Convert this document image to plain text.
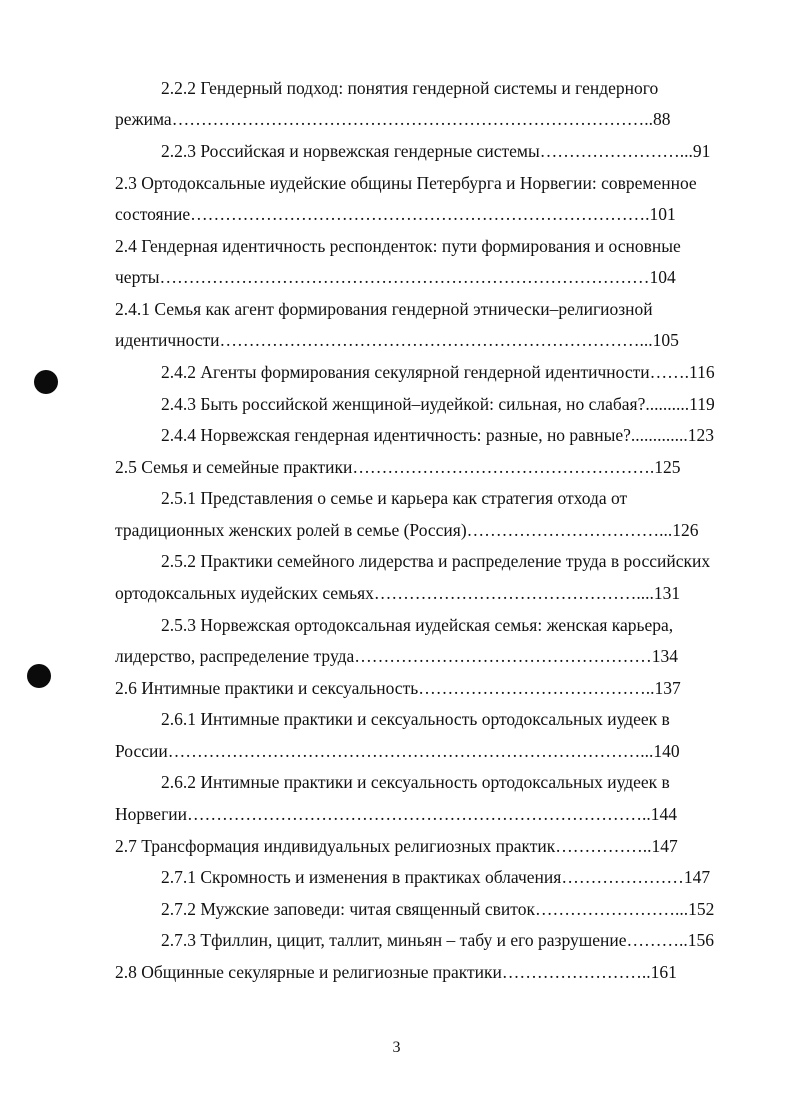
2.2.2 Гендерный подход: понятия гендерной системы и гендерного
режима………………………………………………………………………..88
2.2.3 Российская и норвежская гендерные системы……………………...91
2.3 Ортодоксальные иудейские общины Петербурга и Норвегии: современное
состояние…………………………………………………………………….101
2.4 Гендерная идентичность респонденток: пути формирования и основные
черты…………………………………………………………………………104
2.4.1 Семья как агент формирования гендерной этнически–религиозной
идентичности………………………………………………………………...105
2.4.2 Агенты формирования секулярной гендерной идентичности…….116
2.4.3 Быть российской женщиной–иудейкой: сильная, но слабая?..........119
2.4.4 Норвежская гендерная идентичность: разные, но равные?.............123
2.5 Семья и семейные практики…………………………………………….125
2.5.1 Представления о семье и карьера как стратегия отхода от
традиционных женских ролей в семье (Россия)……………………………...126
2.5.2 Практики семейного лидерства и распределение труда в российских
ортодоксальных иудейских семьях………………………………………....131
2.5.3 Норвежская ортодоксальная иудейская семья: женская карьера,
лидерство, распределение труда……………………………………………134
2.6 Интимные практики и сексуальность…………………………………..137
2.6.1 Интимные практики и сексуальность ортодоксальных иудеек в
России………………………………………………………………………...140
2.6.2 Интимные практики и сексуальность ортодоксальных иудеек в
Норвегии……………………………………………………………………..144
2.7 Трансформация индивидуальных религиозных практик……………..147
2.7.1 Скромность и изменения в практиках облачения…………………147
2.7.2 Мужские заповеди: читая священный свиток……………………...152
2.7.3 Тфиллин, цицит, таллит, миньян – табу и его разрушение………..156
2.8 Общинные секулярные и религиозные практики……………………..161
3
